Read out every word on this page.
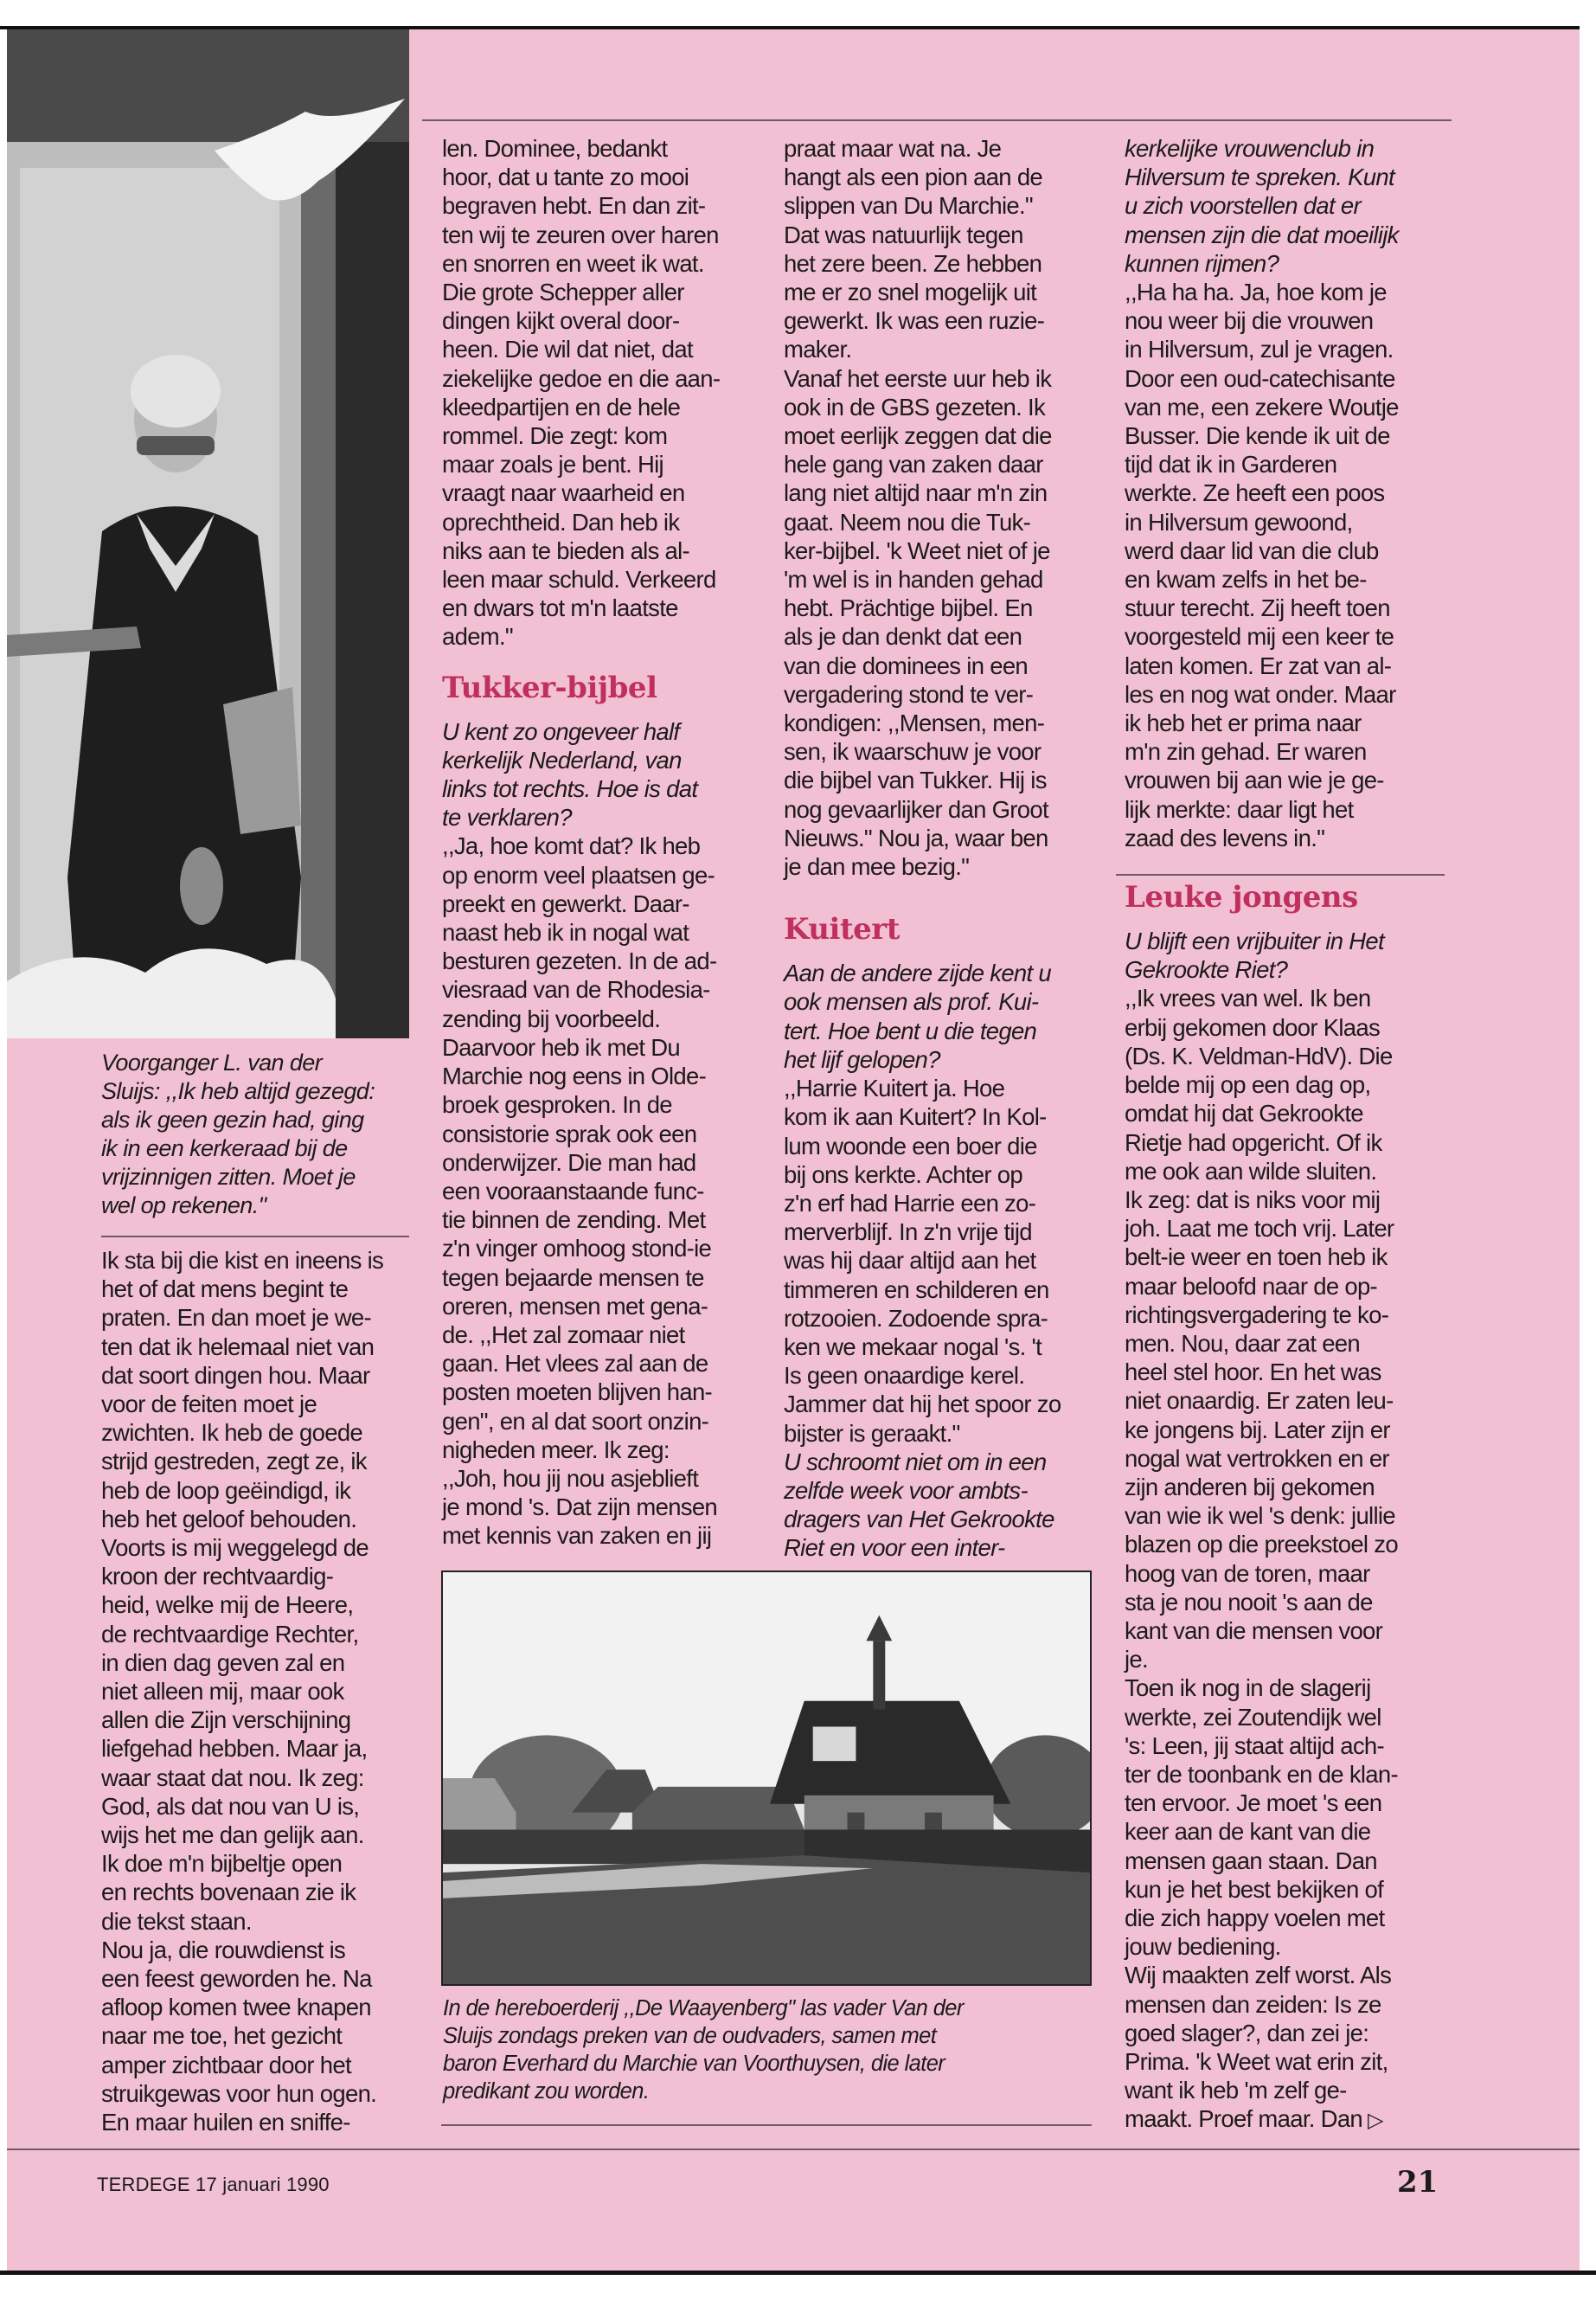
Voorganger L. van der
Sluijs: ,,Ik heb altijd gezegd:
als ik geen gezin had, ging
ik in een kerkeraad bij de
vrijzinnigen zitten. Moet je
wel op rekenen."

Ik sta bij die kist en ineens is
het of dat mens begint te
praten. En dan moet je we-
ten dat ik helemaal niet van
dat soort dingen hou. Maar
voor de feiten moet je
zwichten. Ik heb de goede
strijd gestreden, zegt ze, ik
heb de loop geëindigd, ik
heb het geloof behouden.
Voorts is mij weggelegd de
kroon der rechtvaardig-
heid, welke mij de Heere,
de rechtvaardige Rechter,
in dien dag geven zal en
niet alleen mij, maar ook
allen die Zijn verschijning
liefgehad hebben. Maar ja,
waar staat dat nou. Ik zeg:
God, als dat nou van U is,
wijs het me dan gelijk aan.
Ik doe m'n bijbeltje open
en rechts bovenaan zie ik
die tekst staan.
Nou ja, die rouwdienst is
een feest geworden he. Na
afloop komen twee knapen
naar me toe, het gezicht
amper zichtbaar door het
struikgewas voor hun ogen.
En maar huilen en sniffe-

len. Dominee, bedankt
hoor, dat u tante zo mooi
begraven hebt. En dan zit-
ten wij te zeuren over haren
en snorren en weet ik wat.
Die grote Schepper aller
dingen kijkt overal door-
heen. Die wil dat niet, dat
ziekelijke gedoe en die aan-
kleedpartijen en de hele
rommel. Die zegt: kom
maar zoals je bent. Hij
vraagt naar waarheid en
oprechtheid. Dan heb ik
niks aan te bieden als al-
leen maar schuld. Verkeerd
en dwars tot m'n laatste
adem."

Tukker-bijbel

U kent zo ongeveer half
kerkelijk Nederland, van
links tot rechts. Hoe is dat
te verklaren?

,,Ja, hoe komt dat? Ik heb
op enorm veel plaatsen ge-
preekt en gewerkt. Daar-
naast heb ik in nogal wat
besturen gezeten. In de ad-
viesraad van de Rhodesia-
zending bij voorbeeld.
Daarvoor heb ik met Du
Marchie nog eens in Olde-
broek gesproken. In de
consistorie sprak ook een
onderwijzer. Die man had
een vooraanstaande func-
tie binnen de zending. Met
z'n vinger omhoog stond-ie
tegen bejaarde mensen te
oreren, mensen met gena-
de. ,,Het zal zomaar niet
gaan. Het vlees zal aan de
posten moeten blijven han-
gen", en al dat soort onzin-
nigheden meer. Ik zeg:
,,Joh, hou jij nou asjeblieft
je mond 's. Dat zijn mensen
met kennis van zaken en jij

praat maar wat na. Je
hangt als een pion aan de
slippen van Du Marchie."
Dat was natuurlijk tegen
het zere been. Ze hebben
me er zo snel mogelijk uit
gewerkt. Ik was een ruzie-
maker.
Vanaf het eerste uur heb ik
ook in de GBS gezeten. Ik
moet eerlijk zeggen dat die
hele gang van zaken daar
lang niet altijd naar m'n zin
gaat. Neem nou die Tuk-
ker-bijbel. 'k Weet niet of je
'm wel is in handen gehad
hebt. Prächtige bijbel. En
als je dan denkt dat een
van die dominees in een
vergadering stond te ver-
kondigen: ,,Mensen, men-
sen, ik waarschuw je voor
die bijbel van Tukker. Hij is
nog gevaarlijker dan Groot
Nieuws." Nou ja, waar ben
je dan mee bezig."

Kuitert

Aan de andere zijde kent u
ook mensen als prof. Kui-
tert. Hoe bent u die tegen
het lijf gelopen?

,,Harrie Kuitert ja. Hoe
kom ik aan Kuitert? In Kol-
lum woonde een boer die
bij ons kerkte. Achter op
z'n erf had Harrie een zo-
merverblijf. In z'n vrije tijd
was hij daar altijd aan het
timmeren en schilderen en
rotzooien. Zodoende spra-
ken we mekaar nogal 's. 't
Is geen onaardige kerel.
Jammer dat hij het spoor zo
bijster is geraakt."

U schroomt niet om in een
zelfde week voor ambts-
dragers van Het Gekrookte
Riet en voor een inter-

In de hereboerderij ,,De Waayenberg" las vader Van der
Sluijs zondags preken van de oudvaders, samen met
baron Everhard du Marchie van Voorthuysen, die later
predikant zou worden.

kerkelijke vrouwenclub in
Hilversum te spreken. Kunt
u zich voorstellen dat er
mensen zijn die dat moeilijk
kunnen rijmen?

,,Ha ha ha. Ja, hoe kom je
nou weer bij die vrouwen
in Hilversum, zul je vragen.
Door een oud-catechisante
van me, een zekere Woutje
Busser. Die kende ik uit de
tijd dat ik in Garderen
werkte. Ze heeft een poos
in Hilversum gewoond,
werd daar lid van die club
en kwam zelfs in het be-
stuur terecht. Zij heeft toen
voorgesteld mij een keer te
laten komen. Er zat van al-
les en nog wat onder. Maar
ik heb het er prima naar
m'n zin gehad. Er waren
vrouwen bij aan wie je ge-
lijk merkte: daar ligt het
zaad des levens in."

Leuke jongens

U blijft een vrijbuiter in Het
Gekrookte Riet?

,,Ik vrees van wel. Ik ben
erbij gekomen door Klaas
(Ds. K. Veldman-HdV). Die
belde mij op een dag op,
omdat hij dat Gekrookte
Rietje had opgericht. Of ik
me ook aan wilde sluiten.
Ik zeg: dat is niks voor mij
joh. Laat me toch vrij. Later
belt-ie weer en toen heb ik
maar beloofd naar de op-
richtingsvergadering te ko-
men. Nou, daar zat een
heel stel hoor. En het was
niet onaardig. Er zaten leu-
ke jongens bij. Later zijn er
nogal wat vertrokken en er
zijn anderen bij gekomen
van wie ik wel 's denk: jullie
blazen op die preekstoel zo
hoog van de toren, maar
sta je nou nooit 's aan de
kant van die mensen voor
je.
Toen ik nog in de slagerij
werkte, zei Zoutendijk wel
's: Leen, jij staat altijd ach-
ter de toonbank en de klan-
ten ervoor. Je moet 's een
keer aan de kant van die
mensen gaan staan. Dan
kun je het best bekijken of
die zich happy voelen met
jouw bediening.
Wij maakten zelf worst. Als
mensen dan zeiden: Is ze
goed slager?, dan zei je:
Prima. 'k Weet wat erin zit,
want ik heb 'm zelf ge-
maakt. Proef maar. Dan ▷

TERDEGE 17 januari 1990	21
